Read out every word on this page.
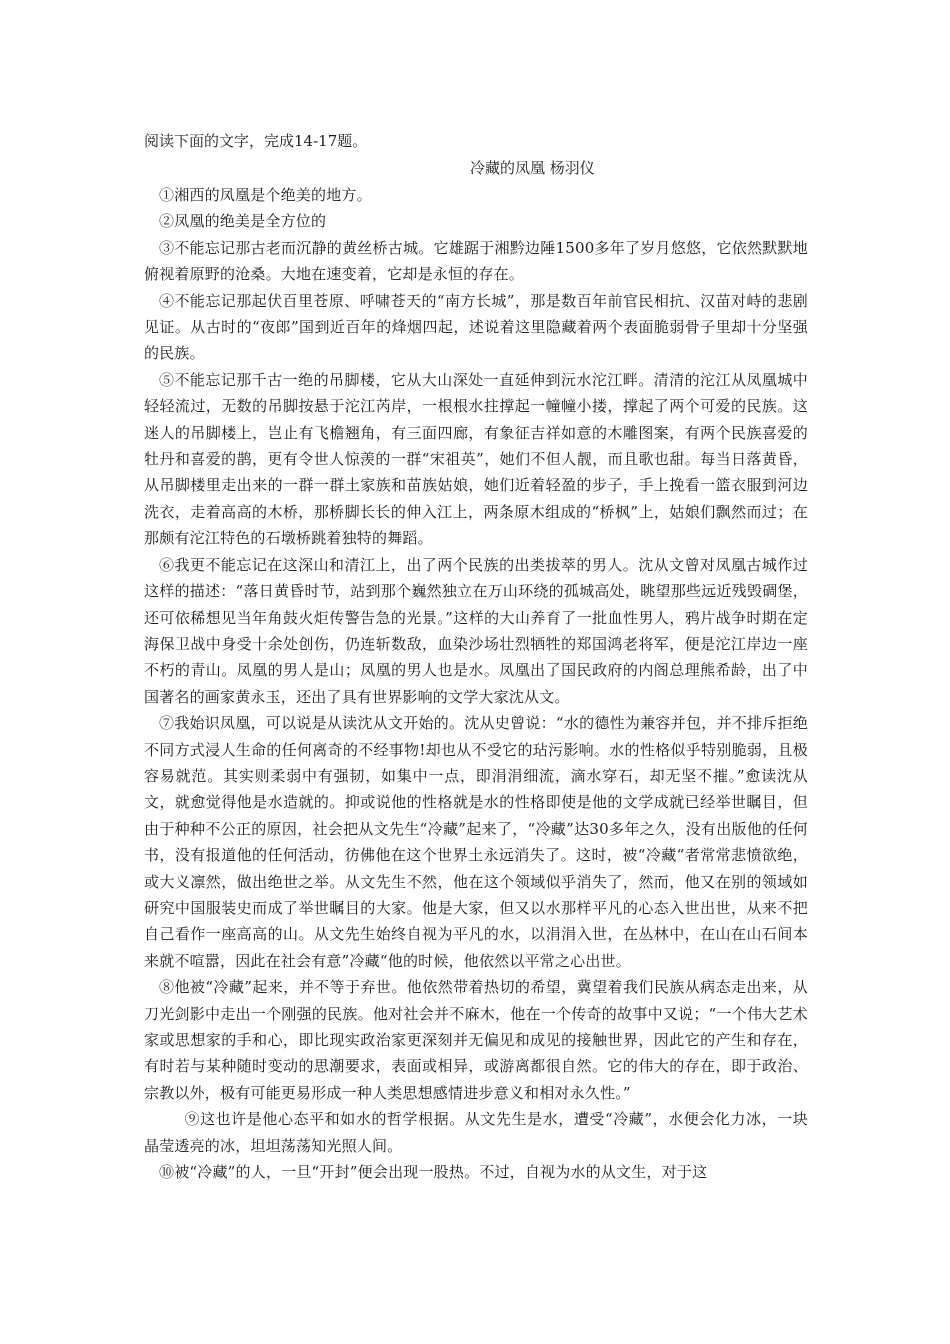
阅读下面的文字，完成14-17题。

冷藏的凤凰 杨羽仪

①湘西的凤凰是个绝美的地方。

②凤凰的绝美是全方位的

③不能忘记那古老而沉静的黄丝桥古城。它雄踞于湘黔边陲1500多年了岁月悠悠，它依然默默地俯视着原野的沧桑。大地在速变着，它却是永恒的存在。

④不能忘记那起伏百里苍原、呼啸苍天的“南方长城”，那是数百年前官民相抗、汉苗对峙的悲剧见证。从古时的“夜郎”国到近百年的烽烟四起，述说着这里隐藏着两个表面脆弱骨子里却十分坚强的民族。

⑤不能忘记那千古一绝的吊脚楼，它从大山深处一直延伸到沅水沱江畔。清清的沱江从凤凰城中轻轻流过，无数的吊脚按悬于沱江芮岸，一根根水拄撑起一幢幢小搂，撑起了两个可爱的民族。这迷人的吊脚楼上，岂止有飞檐翘角，有三面四廊，有象征吉祥如意的木雕图案，有两个民族喜爱的牡丹和喜爱的鹊，更有令世人惊羡的一群“宋祖英”，她们不但人靓，而且歌也甜。每当日落黄昏，从吊脚楼里走出来的一群一群土家族和苗族姑娘，她们近着轻盈的步子，手上挽看一篮衣服到河边洗衣，走着高高的木桥，那桥脚长长的伸入江上，两条原木组成的“桥枫”上，姑娘们飘然而过；在那颇有沱江特色的石墩桥跳着独特的舞蹈。

⑥我更不能忘记在这深山和清江上，出了两个民族的出类拔萃的男人。沈从文曾对凤凰古城作过这样的描述：“落日黄昏时节，站到那个巍然独立在万山环绕的孤城高处，眺望那些远近残毁碉堡，还可依稀想见当年角鼓火炬传警告急的光景。”这样的大山养育了一批血性男人，鸦片战争时期在定海保卫战中身受十余处创伤，仍连斩数敌，血染沙场壮烈牺牲的郑国鸿老将军，便是沱江岸边一座不朽的青山。凤凰的男人是山；凤凰的男人也是水。凤凰出了国民政府的内阁总理熊希龄，出了中国著名的画家黄永玉，还出了具有世界影响的文学大家沈从文。

⑦我始识凤凰，可以说是从读沈从文开始的。沈从史曾说：“水的德性为兼容并包，并不排斥拒绝不同方式浸人生命的任何离奇的不经事物!却也从不受它的玷污影响。水的性格似乎特别脆弱，且极容易就范。其实则柔弱中有强韧，如集中一点，即涓涓细流，滴水穿石，却无坚不摧。”愈读沈从文，就愈觉得他是水造就的。抑或说他的性格就是水的性格即使是他的文学成就已经举世瞩目，但由于种种不公正的原因，社会把从文先生“冷藏”起来了，“冷藏”达30多年之久，没有出版他的任何书，没有报道他的任何活动，彷佛他在这个世界土永远消失了。这时，被“冷藏“者常常悲愤欲绝，或大义凛然，做出绝世之举。从文先生不然，他在这个领域似乎消失了，然而，他又在别的领域如研究中国服装史而成了举世瞩目的大家。他是大家，但又以水那样平凡的心态入世出世，从来不把自己看作一座高高的山。从文先生始终自视为平凡的水，以涓涓入世，在丛林中，在山在山石间本来就不喧嚣，因此在社会有意”冷藏“他的时候，他依然以平常之心出世。

⑧他被“冷藏”起来，并不等于弃世。他依然带着热切的希望，冀望着我们民族从病态走出来，从刀光剑影中走出一个刚强的民族。他对社会并不麻木，他在一个传奇的故事中又说；“一个伟大艺术家或思想家的手和心，即比现实政治家更深刻并无偏见和成见的接触世界，因此它的产生和存在，有时若与某种随时变动的思潮要求，表面或相异，或游离都很自然。它的伟大的存在，即于政治、宗教以外，极有可能更易形成一种人类思想感情进步意义和相对永久性。”

⑨这也许是他心态平和如水的哲学根据。从文先生是水，遭受“冷藏”，水便会化力冰，一块晶莹透亮的冰，坦坦荡荡知光照人间。

⑩被“冷藏”的人，一旦“开封”便会出现一股热。不过，自视为水的从文生，对于这
